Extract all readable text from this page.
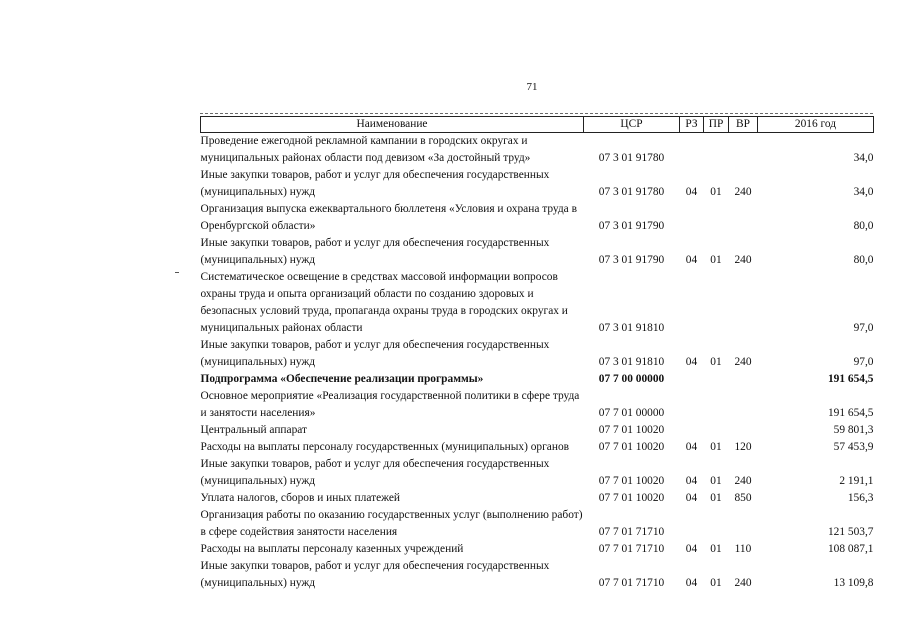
71
Наименование	ЦСР	РЗ	ПР	ВР	2016 год
Проведение ежегодной рекламной кампании в городских округах и муниципальных районах области под девизом «За достойный труд»	07 3 01 91780				34,0
Иные закупки товаров, работ и услуг для обеспечения государственных (муниципальных) нужд	07 3 01 91780	04	01	240	34,0
Организация выпуска ежеквартального бюллетеня «Условия и охрана труда в Оренбургской области»	07 3 01 91790				80,0
Иные закупки товаров, работ и услуг для обеспечения государственных (муниципальных) нужд	07 3 01 91790	04	01	240	80,0
Систематическое освещение в средствах массовой информации вопросов охраны труда и опыта организаций области по созданию здоровых и безопасных условий труда, пропаганда охраны труда в городских округах и муниципальных районах области	07 3 01 91810				97,0
Иные закупки товаров, работ и услуг для обеспечения государственных (муниципальных) нужд	07 3 01 91810	04	01	240	97,0
Подпрограмма «Обеспечение реализации программы»	07 7 00 00000				191 654,5
Основное мероприятие «Реализация государственной политики в сфере труда и занятости населения»	07 7 01 00000				191 654,5
Центральный аппарат	07 7 01 10020				59 801,3
Расходы на выплаты персоналу государственных (муниципальных) органов	07 7 01 10020	04	01	120	57 453,9
Иные закупки товаров, работ и услуг для обеспечения государственных (муниципальных) нужд	07 7 01 10020	04	01	240	2 191,1
Уплата налогов, сборов и иных платежей	07 7 01 10020	04	01	850	156,3
Организация работы по оказанию государственных услуг (выполнению работ) в сфере содействия занятости населения	07 7 01 71710				121 503,7
Расходы на выплаты персоналу казенных учреждений	07 7 01 71710	04	01	110	108 087,1
Иные закупки товаров, работ и услуг для обеспечения государственных (муниципальных) нужд	07 7 01 71710	04	01	240	13 109,8
